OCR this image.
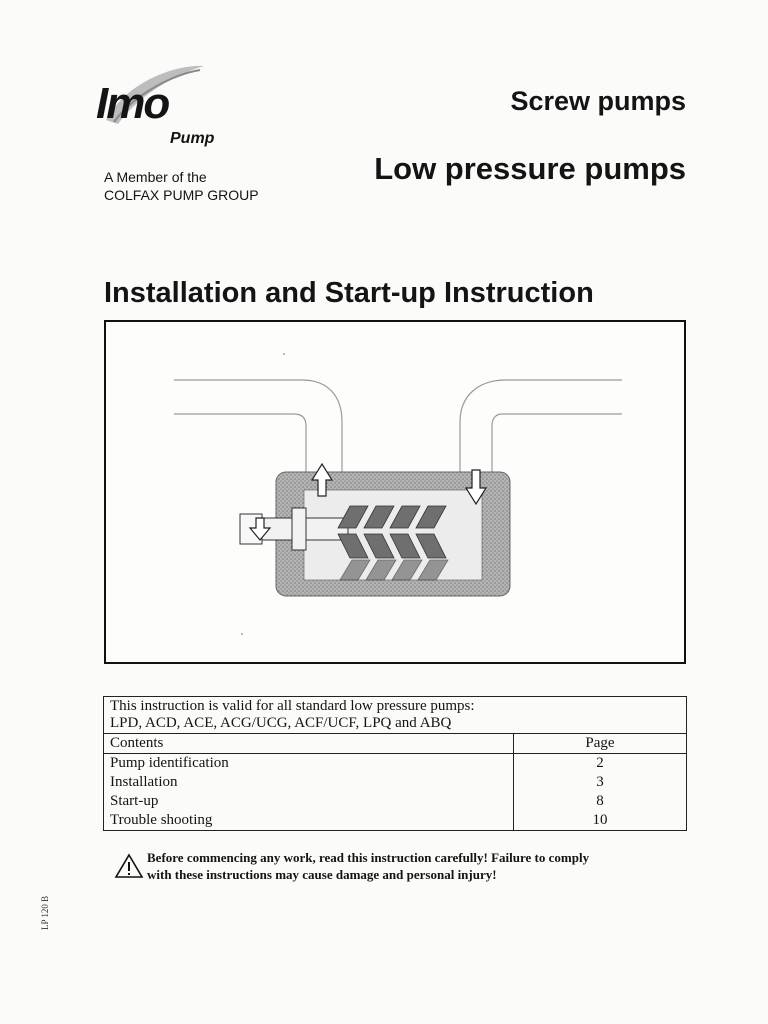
Imo
Pump
A Member of the
COLFAX PUMP GROUP
Screw pumps
Low pressure pumps
Installation and Start-up Instruction
This instruction is valid for all standard low pressure pumps:
LPD, ACD, ACE, ACG/UCG, ACF/UCF, LPQ and ABQ	

Contents	Page
Pump identification	2
Installation	3
Start-up	8
Trouble shooting	10
Before commencing any work, read this instruction carefully! Failure to comply
with these instructions may cause damage and personal injury!
LP 120 B
